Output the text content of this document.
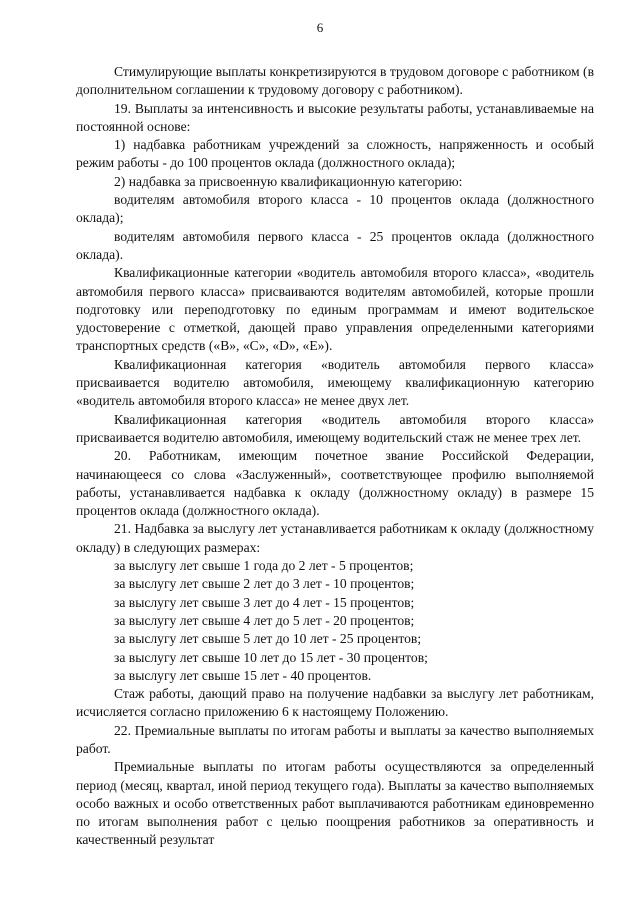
6

Стимулирующие выплаты конкретизируются в трудовом договоре с работником (в дополнительном соглашении к трудовому договору с работником).

19. Выплаты за интенсивность и высокие результаты работы, устанавливаемые на постоянной основе:

1) надбавка работникам учреждений за сложность, напряженность и особый режим работы - до 100 процентов оклада (должностного оклада);

2) надбавка за присвоенную квалификационную категорию:

водителям автомобиля второго класса - 10 процентов оклада (должностного оклада);

водителям автомобиля первого класса - 25 процентов оклада (должностного оклада).

Квалификационные категории «водитель автомобиля второго класса», «водитель автомобиля первого класса» присваиваются водителям автомобилей, которые прошли подготовку или переподготовку по единым программам и имеют водительское удостоверение с отметкой, дающей право управления определенными категориями транспортных средств («B», «C», «D», «E»).

Квалификационная категория «водитель автомобиля первого класса» присваивается водителю автомобиля, имеющему квалификационную категорию «водитель автомобиля второго класса» не менее двух лет.

Квалификационная категория «водитель автомобиля второго класса» присваивается водителю автомобиля, имеющему водительский стаж не менее трех лет.

20. Работникам, имеющим почетное звание Российской Федерации, начинающееся со слова «Заслуженный», соответствующее профилю выполняемой работы, устанавливается надбавка к окладу (должностному окладу) в размере 15 процентов оклада (должностного оклада).

21. Надбавка за выслугу лет устанавливается работникам к окладу (должностному окладу) в следующих размерах:

за выслугу лет свыше 1 года до 2 лет - 5 процентов;

за выслугу лет свыше 2 лет до 3 лет - 10 процентов;

за выслугу лет свыше 3 лет до 4 лет - 15 процентов;

за выслугу лет свыше 4 лет до 5 лет - 20 процентов;

за выслугу лет свыше 5 лет до 10 лет - 25 процентов;

за выслугу лет свыше 10 лет до 15 лет - 30 процентов;

за выслугу лет свыше 15 лет - 40 процентов.

Стаж работы, дающий право на получение надбавки за выслугу лет работникам, исчисляется согласно приложению 6 к настоящему Положению.

22. Премиальные выплаты по итогам работы и выплаты за качество выполняемых работ.

Премиальные выплаты по итогам работы осуществляются за определенный период (месяц, квартал, иной период текущего года). Выплаты за качество выполняемых особо важных и особо ответственных работ выплачиваются работникам единовременно по итогам выполнения работ с целью поощрения работников за оперативность и качественный результат
